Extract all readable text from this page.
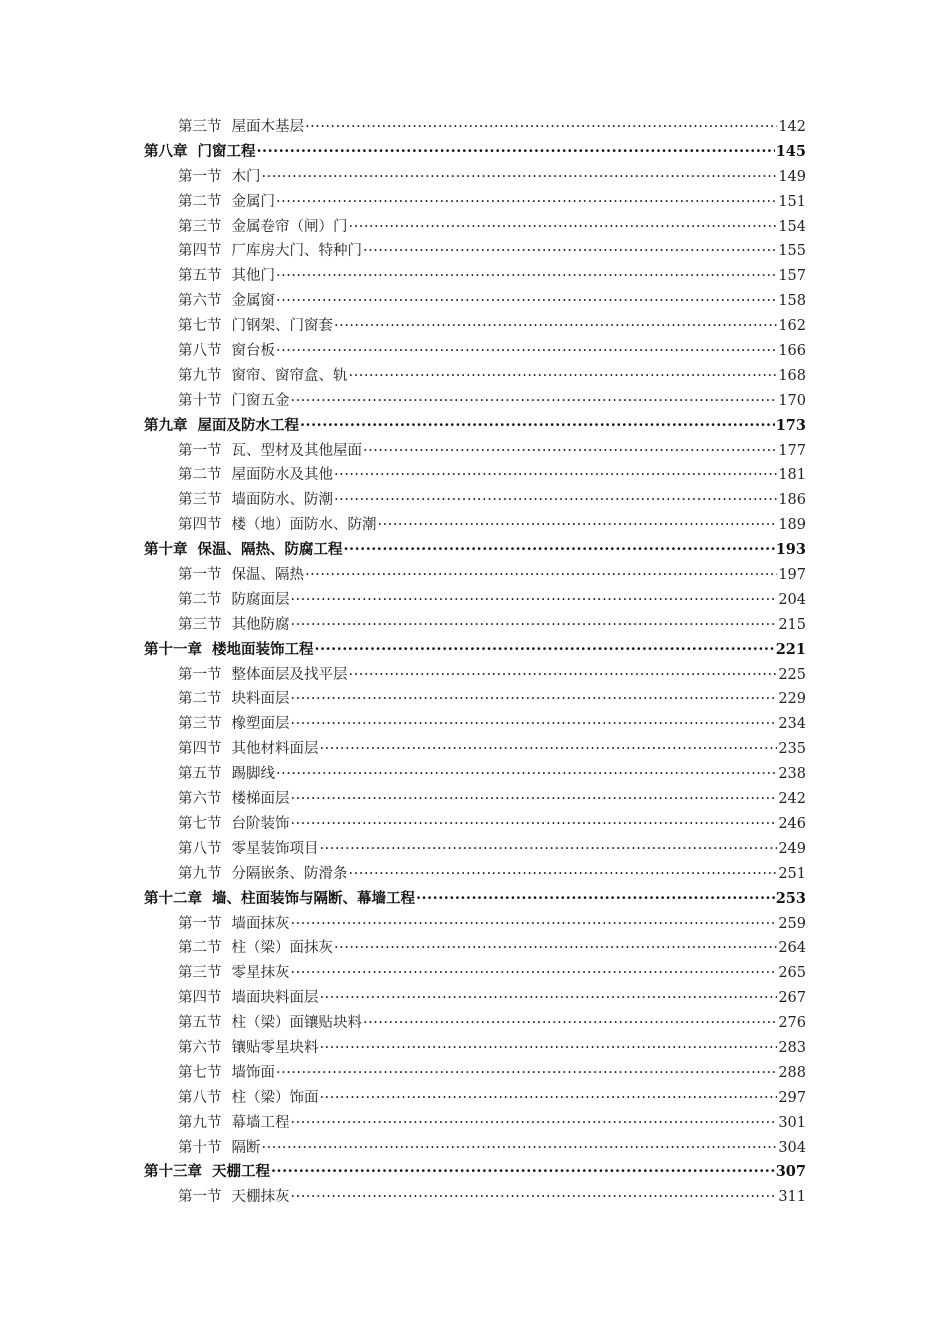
第三节 屋面木基层 ·····	142
第八章 门窗工程 ·····	145
第一节 木门 ·····	149
第二节 金属门 ·····	151
第三节 金属卷帘（闸）门 ·····	154
第四节 厂库房大门、特种门 ·····	155
第五节 其他门 ·····	157
第六节 金属窗 ·····	158
第七节 门钢架、门窗套 ·····	162
第八节 窗台板 ·····	166
第九节 窗帘、窗帘盒、轨 ·····	168
第十节 门窗五金 ·····	170
第九章 屋面及防水工程 ·····	173
第一节 瓦、型材及其他屋面 ·····	177
第二节 屋面防水及其他 ·····	181
第三节 墙面防水、防潮 ·····	186
第四节 楼（地）面防水、防潮 ·····	189
第十章 保温、隔热、防腐工程 ·····	193
第一节 保温、隔热 ·····	197
第二节 防腐面层 ·····	204
第三节 其他防腐 ·····	215
第十一章 楼地面装饰工程 ·····	221
第一节 整体面层及找平层 ·····	225
第二节 块料面层 ·····	229
第三节 橡塑面层 ·····	234
第四节 其他材料面层 ·····	235
第五节 踢脚线 ·····	238
第六节 楼梯面层 ·····	242
第七节 台阶装饰 ·····	246
第八节 零星装饰项目 ·····	249
第九节 分隔嵌条、防滑条 ·····	251
第十二章 墙、柱面装饰与隔断、幕墙工程 ·····	253
第一节 墙面抹灰 ·····	259
第二节 柱（梁）面抹灰 ·····	264
第三节 零星抹灰 ·····	265
第四节 墙面块料面层 ·····	267
第五节 柱（梁）面镶贴块料 ·····	276
第六节 镶贴零星块料 ·····	283
第七节 墙饰面 ·····	288
第八节 柱（梁）饰面 ·····	297
第九节 幕墙工程 ·····	301
第十节 隔断 ·····	304
第十三章 天棚工程 ·····	307
第一节 天棚抹灰 ·····	311
